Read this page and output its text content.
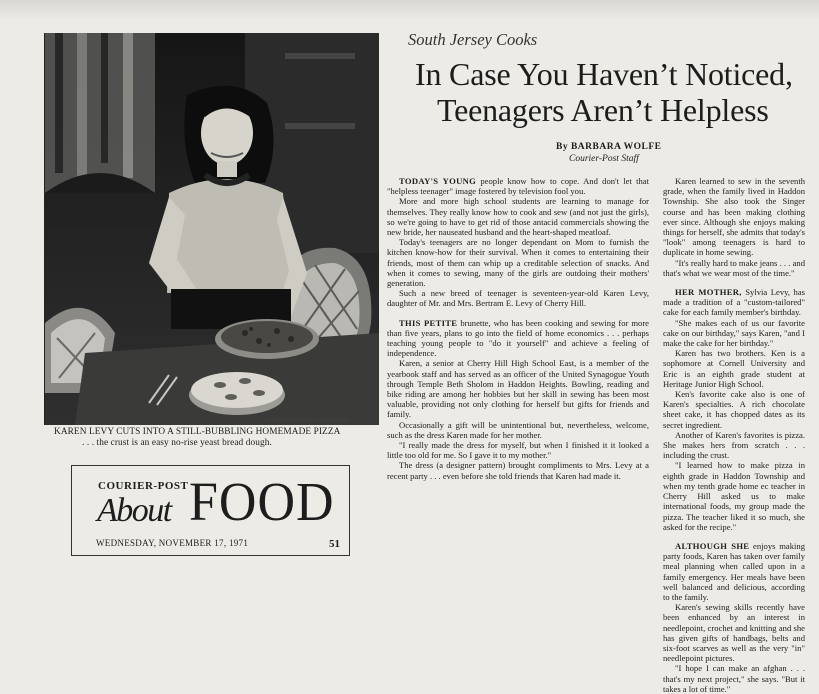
—Courier-Post Photos by Sam Kushner
KAREN LEVY CUTS INTO A STILL-BUBBLING HOMEMADE PIZZA
. . . the crust is an easy no-rise yeast bread dough.
COURIER-POST
About FOOD
WEDNESDAY, NOVEMBER 17, 1971	51
South Jersey Cooks
In Case You Haven’t Noticed,
Teenagers Aren’t Helpless
By BARBARA WOLFE
Courier-Post Staff

TODAY'S YOUNG people know how to cope. And don't let that "helpless teenager" image fostered by television fool you.

More and more high school students are learning to manage for themselves. They really know how to cook and sew (and not just the girls), so we're going to have to get rid of those antacid commercials showing the new bride, her nauseated husband and the heart-shaped meatloaf.

Today's teenagers are no longer dependant on Mom to furnish the kitchen know-how for their survival. When it comes to entertaining their friends, most of them can whip up a creditable selection of snacks. And when it comes to sewing, many of the girls are outdoing their mothers' generation.

Such a new breed of teenager is seventeen-year-old Karen Levy, daughter of Mr. and Mrs. Bertram E. Levy of Cherry Hill.

THIS PETITE brunette, who has been cooking and sewing for more than five years, plans to go into the field of home economics . . . perhaps teaching young people to "do it yourself" and achieve a feeling of independence.

Karen, a senior at Cherry Hill High School East, is a member of the yearbook staff and has served as an officer of the United Synagogue Youth through Temple Beth Sholom in Haddon Heights. Bowling, reading and bike riding are among her hobbies but her skill in sewing has been most valuable, providing not only clothing for herself but gifts for friends and family.

Occasionally a gift will be unintentional but, nevertheless, welcome, such as the dress Karen made for her mother.

"I really made the dress for myself, but when I finished it it looked a little too old for me. So I gave it to my mother."

The dress (a designer pattern) brought compliments to Mrs. Levy at a recent party . . . even before she told friends that Karen had made it.

Karen learned to sew in the seventh grade, when the family lived in Haddon Township. She also took the Singer course and has been making clothing ever since. Although she enjoys making things for herself, she admits that today's "look" among teenagers is hard to duplicate in home sewing.

"It's really hard to make jeans . . . and that's what we wear most of the time."

HER MOTHER, Sylvia Levy, has made a tradition of a "custom-tailored" cake for each family member's birthday.

"She makes each of us our favorite cake on our birthday," says Karen, "and I make the cake for her birthday."

Karen has two brothers. Ken is a sophomore at Cornell University and Eric is an eighth grade student at Heritage Junior High School.

Ken's favorite cake also is one of Karen's specialties. A rich chocolate sheet cake, it has chopped dates as its secret ingredient.

Another of Karen's favorites is pizza. She makes hers from scratch . . . including the crust.

"I learned how to make pizza in eighth grade in Haddon Township and when my tenth grade home ec teacher in Cherry Hill asked us to make international foods, my group made the pizza. The teacher liked it so much, she asked for the recipe."

ALTHOUGH SHE enjoys making party foods, Karen has taken over family meal planning when called upon in a family emergency. Her meals have been well balanced and delicious, according to the family.

Karen's sewing skills recently have been enhanced by an interest in needlepoint, crochet and knitting and she has given gifts of handbags, belts and six-foot scarves as well as the very "in" needlepoint pictures.

"I hope I can make an afghan . . . that's my next project," she says. "But it takes a lot of time."
